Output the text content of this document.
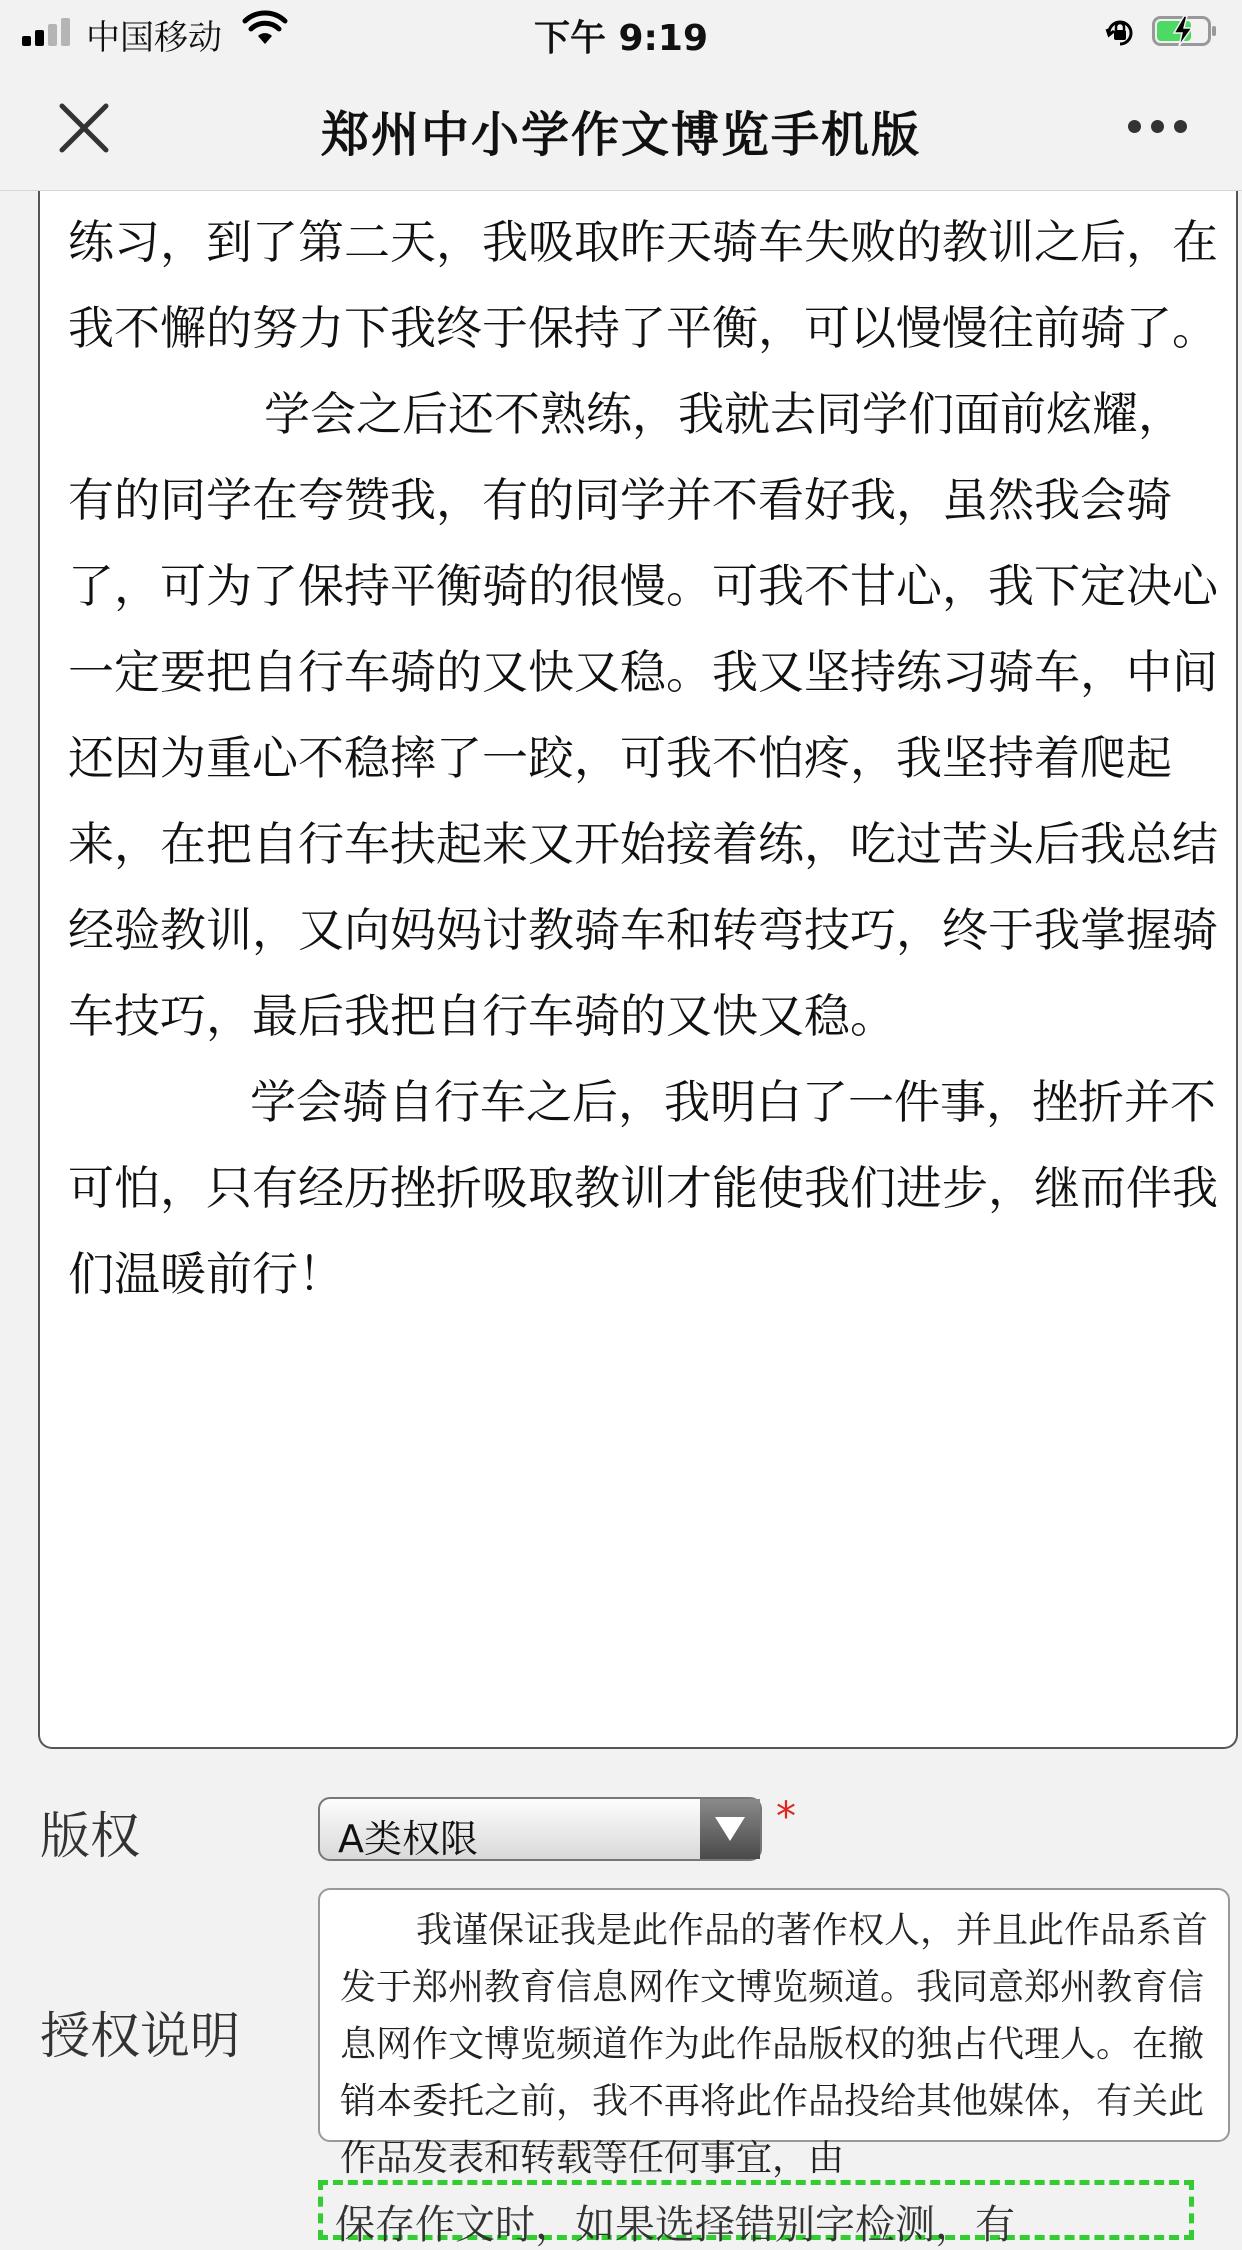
中国移动	下午 9:19
郑州中小学作文博览手机版

练习，到了第二天，我吸取昨天骑车失败的教训之后，在我不懈的努力下我终于保持了平衡，可以慢慢往前骑了。

学会之后还不熟练，我就去同学们面前炫耀，有的同学在夸赞我，有的同学并不看好我，虽然我会骑了，可为了保持平衡骑的很慢。可我不甘心，我下定决心一定要把自行车骑的又快又稳。我又坚持练习骑车，中间还因为重心不稳摔了一跤，可我不怕疼，我坚持着爬起来，在把自行车扶起来又开始接着练，吃过苦头后我总结经验教训，又向妈妈讨教骑车和转弯技巧，终于我掌握骑车技巧，最后我把自行车骑的又快又稳。

学会骑自行车之后，我明白了一件事，挫折并不可怕，只有经历挫折吸取教训才能使我们进步，继而伴我们温暖前行！

版权	A类权限	*
授权说明

我谨保证我是此作品的著作权人，并且此作品系首发于郑州教育信息网作文博览频道。我同意郑州教育信息网作文博览频道作为此作品版权的独占代理人。在撤销本委托之前，我不再将此作品投给其他媒体，有关此作品发表和转载等任何事宜，由

保存作文时，如果选择错别字检测，有
